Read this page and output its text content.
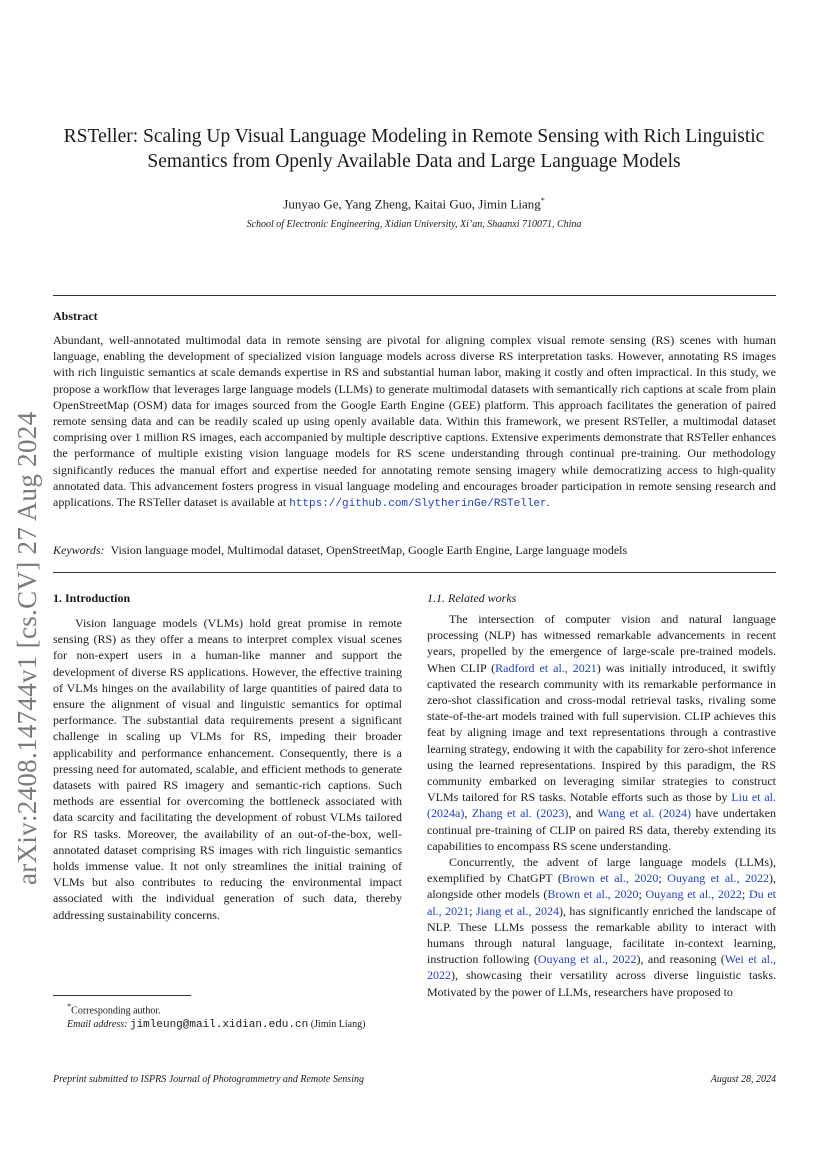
arXiv:2408.14744v1 [cs.CV] 27 Aug 2024
RSTeller: Scaling Up Visual Language Modeling in Remote Sensing with Rich Linguistic
Semantics from Openly Available Data and Large Language Models
Junyao Ge, Yang Zheng, Kaitai Guo, Jimin Liang*
School of Electronic Engineering, Xidian University, Xi’an, Shaanxi 710071, China
Abstract

Abundant, well-annotated multimodal data in remote sensing are pivotal for aligning complex visual remote sensing (RS) scenes with human language, enabling the development of specialized vision language models across diverse RS interpretation tasks. However, annotating RS images with rich linguistic semantics at scale demands expertise in RS and substantial human labor, making it costly and often impractical. In this study, we propose a workflow that leverages large language models (LLMs) to generate multimodal datasets with semantically rich captions at scale from plain OpenStreetMap (OSM) data for images sourced from the Google Earth Engine (GEE) platform. This approach facilitates the generation of paired remote sensing data and can be readily scaled up using openly available data. Within this framework, we present RSTeller, a multimodal dataset comprising over 1 million RS images, each accompanied by multiple descriptive captions. Extensive experiments demonstrate that RSTeller enhances the performance of multiple existing vision language models for RS scene understanding through continual pre-training. Our methodology significantly reduces the manual effort and expertise needed for annotating remote sensing imagery while democratizing access to high-quality annotated data. This advancement fosters progress in visual language modeling and encourages broader participation in remote sensing research and applications. The RSTeller dataset is available at https://github.com/SlytherinGe/RSTeller.

Keywords: Vision language model, Multimodal dataset, OpenStreetMap, Google Earth Engine, Large language models

1. Introduction

Vision language models (VLMs) hold great promise in remote sensing (RS) as they offer a means to interpret complex visual scenes for non-expert users in a human-like manner and support the development of diverse RS applications. However, the effective training of VLMs hinges on the availability of large quantities of paired data to ensure the alignment of visual and linguistic semantics for optimal performance. The substantial data requirements present a significant challenge in scaling up VLMs for RS, impeding their broader applicability and performance enhancement. Consequently, there is a pressing need for automated, scalable, and efficient methods to generate datasets with paired RS imagery and semantic-rich captions. Such methods are essential for overcoming the bottleneck associated with data scarcity and facilitating the development of robust VLMs tailored for RS tasks. Moreover, the availability of an out-of-the-box, well-annotated dataset comprising RS images with rich linguistic semantics holds immense value. It not only streamlines the initial training of VLMs but also contributes to reducing the environmental impact associated with the individual generation of such data, thereby addressing sustainability concerns.

1.1. Related works

The intersection of computer vision and natural language processing (NLP) has witnessed remarkable advancements in recent years, propelled by the emergence of large-scale pre-trained models. When CLIP (Radford et al., 2021) was initially introduced, it swiftly captivated the research community with its remarkable performance in zero-shot classification and cross-modal retrieval tasks, rivaling some state-of-the-art models trained with full supervision. CLIP achieves this feat by aligning image and text representations through a contrastive learning strategy, endowing it with the capability for zero-shot inference using the learned representations. Inspired by this paradigm, the RS community embarked on leveraging similar strategies to construct VLMs tailored for RS tasks. Notable efforts such as those by Liu et al. (2024a), Zhang et al. (2023), and Wang et al. (2024) have undertaken continual pre-training of CLIP on paired RS data, thereby extending its capabilities to encompass RS scene understanding.

Concurrently, the advent of large language models (LLMs), exemplified by ChatGPT (Brown et al., 2020; Ouyang et al., 2022), alongside other models (Brown et al., 2020; Ouyang et al., 2022; Du et al., 2021; Jiang et al., 2024), has significantly enriched the landscape of NLP. These LLMs possess the remarkable ability to interact with humans through natural language, facilitate in-context learning, instruction following (Ouyang et al., 2022), and reasoning (Wei et al., 2022), showcasing their versatility across diverse linguistic tasks. Motivated by the power of LLMs, researchers have proposed to

*Corresponding author.
Email address: jimleung@mail.xidian.edu.cn (Jimin Liang)
Preprint submitted to ISPRS Journal of Photogrammetry and Remote Sensing	August 28, 2024
